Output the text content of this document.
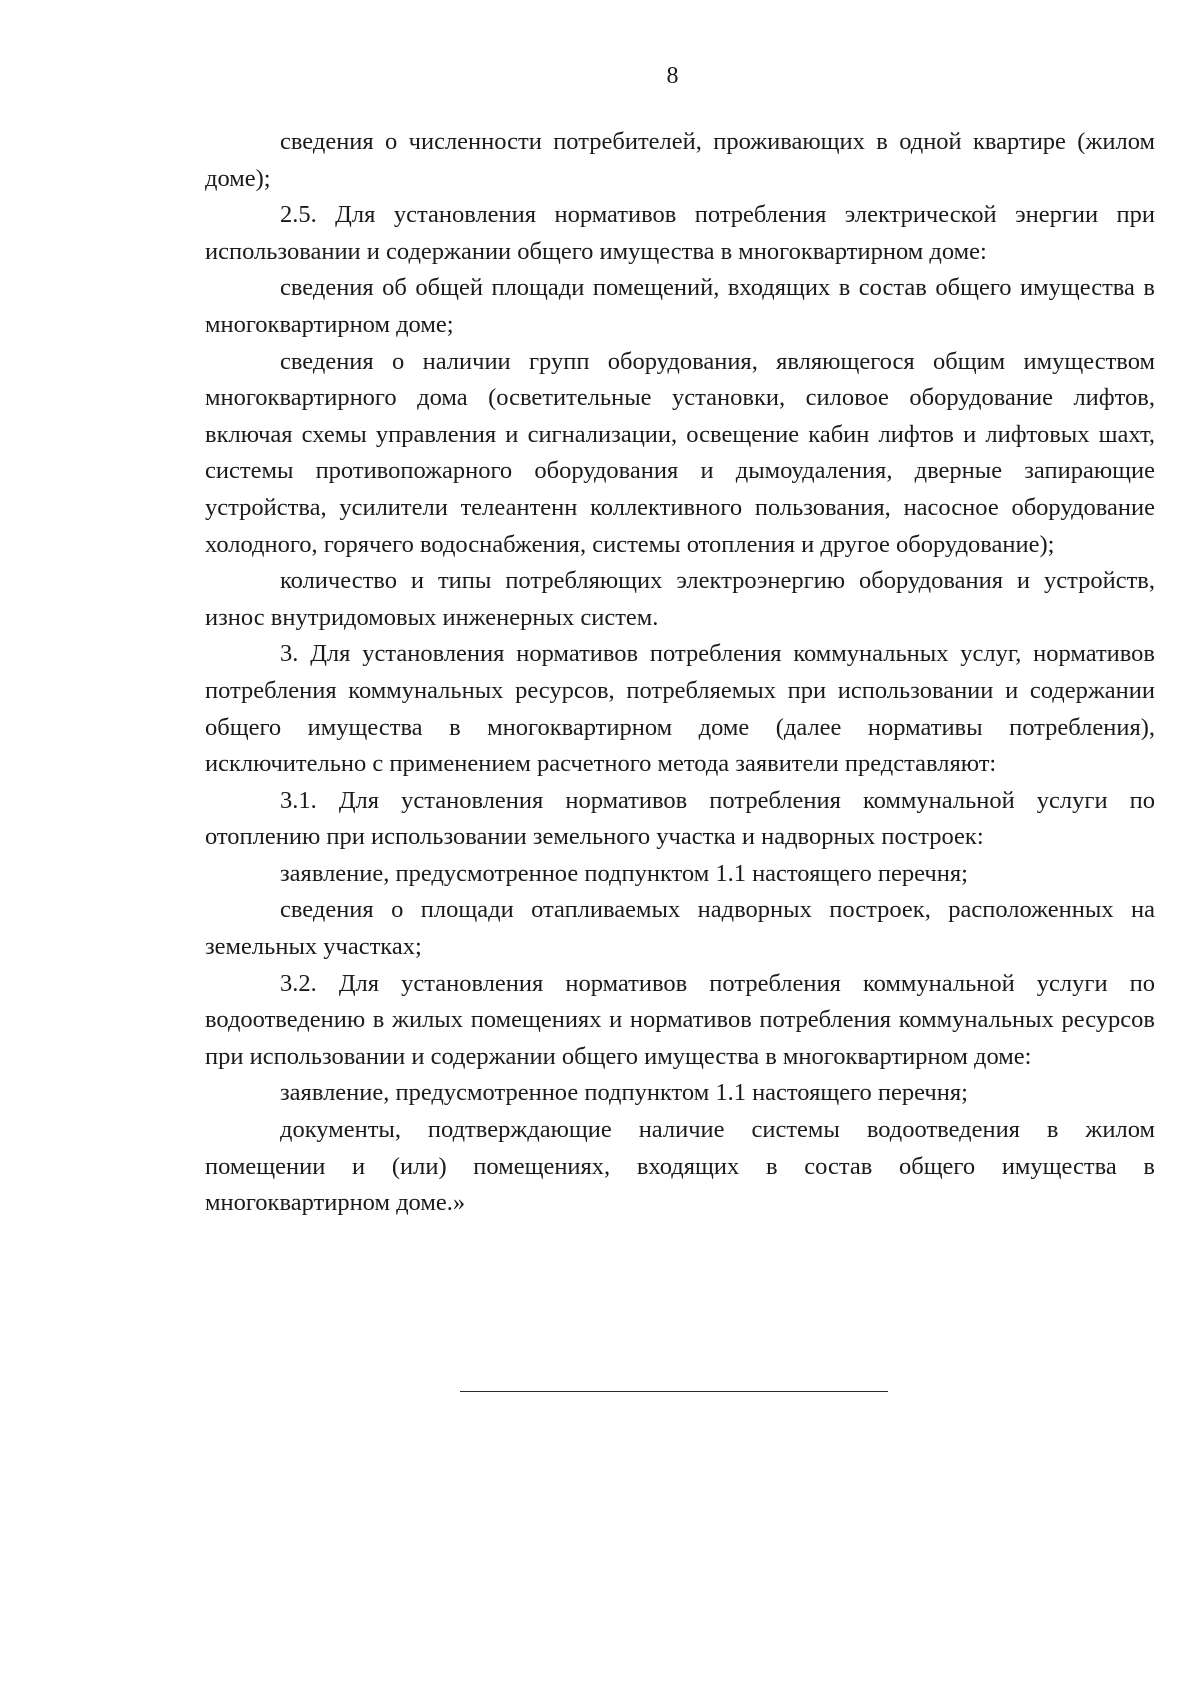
8

сведения о численности потребителей, проживающих в одной квартире (жилом доме);

2.5. Для установления нормативов потребления электрической энергии при использовании и содержании общего имущества в многоквартирном доме:

сведения об общей площади помещений, входящих в состав общего имущества в многоквартирном доме;

сведения о наличии групп оборудования, являющегося общим имуществом многоквартирного дома (осветительные установки, силовое оборудование лифтов, включая схемы управления и сигнализации, освещение кабин лифтов и лифтовых шахт, системы противопожарного оборудования и дымоудаления, дверные запирающие устройства, усилители телеантенн коллективного пользования, насосное оборудование холодного, горячего водоснабжения, системы отопления и другое оборудование);

количество и типы потребляющих электроэнергию оборудования и устройств, износ внутридомовых инженерных систем.

3. Для установления нормативов потребления коммунальных услуг, нормативов потребления коммунальных ресурсов, потребляемых при использовании и содержании общего имущества в многоквартирном доме (далее нормативы потребления), исключительно с применением расчетного метода заявители представляют:

3.1. Для установления нормативов потребления коммунальной услуги по отоплению при использовании земельного участка и надворных построек:

заявление, предусмотренное подпунктом 1.1 настоящего перечня;

сведения о площади отапливаемых надворных построек, расположенных на земельных участках;

3.2. Для установления нормативов потребления коммунальной услуги по водоотведению в жилых помещениях и нормативов потребления коммунальных ресурсов при использовании и содержании общего имущества в многоквартирном доме:

заявление, предусмотренное подпунктом 1.1 настоящего перечня;

документы, подтверждающие наличие системы водоотведения в жилом помещении и (или) помещениях, входящих в состав общего имущества в многоквартирном доме.»
